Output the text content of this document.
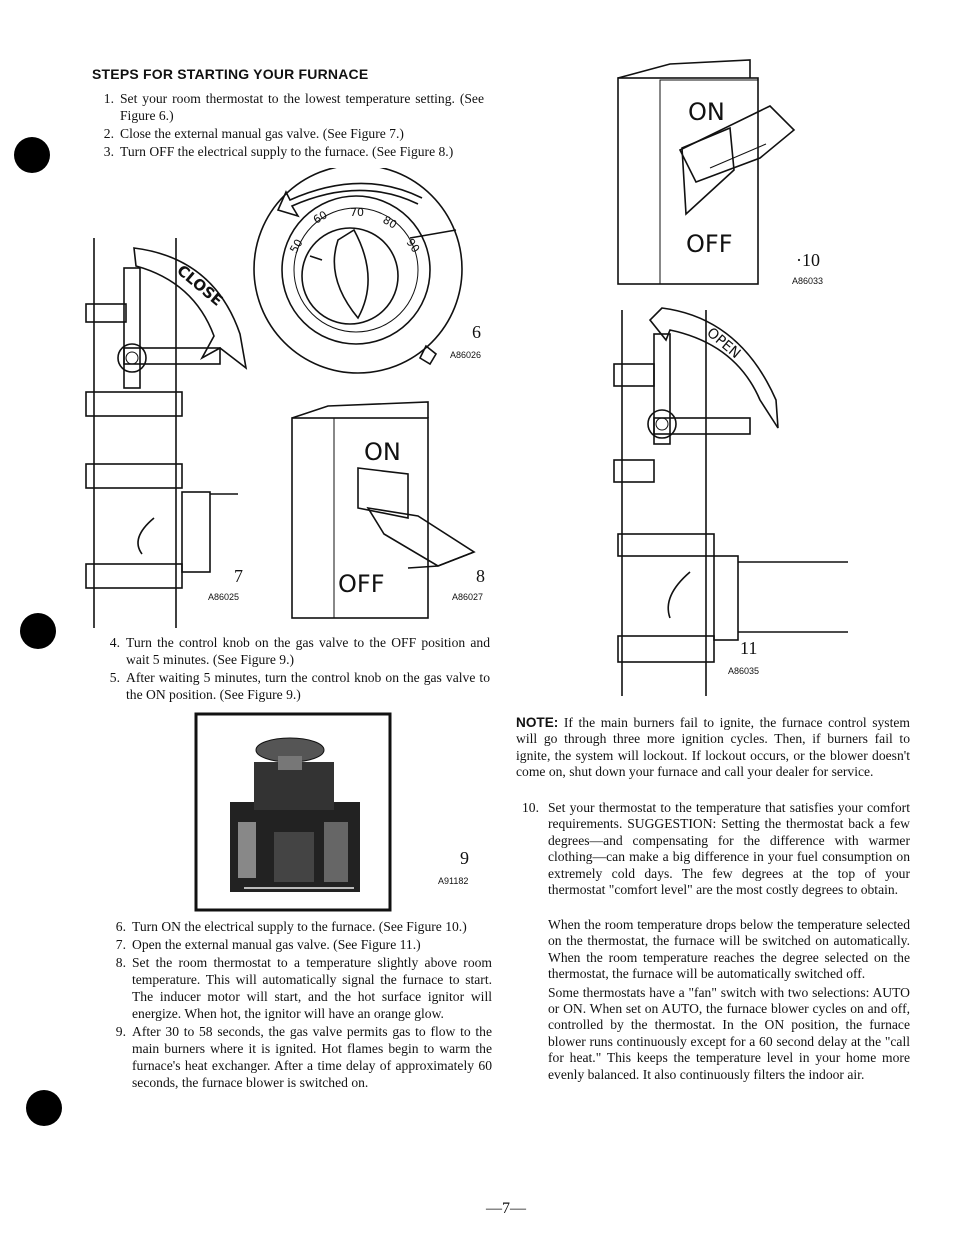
STEPS FOR STARTING YOUR FURNACE
1. Set your room thermostat to the lowest temperature setting. (See Figure 6.)
2. Close the external manual gas valve. (See Figure 7.)
3. Turn OFF the electrical supply to the furnace. (See Figure 8.)
50
60 70
80
90
6
A86026
CLOSE
7
A86025
ON
OFF	8
A86027
4. Turn the control knob on the gas valve to the OFF position and wait 5 minutes. (See Figure 9.)
5. After waiting 5 minutes, turn the control knob on the gas valve to the ON position. (See Figure 9.)
9
A91182
6. Turn ON the electrical supply to the furnace. (See Figure 10.)
7. Open the external manual gas valve. (See Figure 11.)
8. Set the room thermostat to a temperature slightly above room temperature. This will automatically signal the furnace to start. The inducer motor will start, and the hot surface ignitor will energize. When hot, the ignitor will have an orange glow.
9. After 30 to 58 seconds, the gas valve permits gas to flow to the main burners where it is ignited. Hot flames begin to warm the furnace's heat exchanger. After a time delay of approximately 60 seconds, the furnace blower is switched on.
ON
OFF
·10
A86033
OPEN
11
A86035
NOTE: If the main burners fail to ignite, the furnace control system will go through three more ignition cycles. Then, if burners fail to ignite, the system will lockout. If lockout occurs, or the blower doesn't come on, shut down your furnace and call your dealer for service.
10. Set your thermostat to the temperature that satisfies your comfort requirements. SUGGESTION: Setting the thermostat back a few degrees—and compensating for the difference with warmer clothing—can make a big difference in your fuel consumption on extremely cold days. The few degrees at the top of your thermostat "comfort level" are the most costly degrees to obtain.

When the room temperature drops below the temperature selected on the thermostat, the furnace will be switched on automatically. When the room temperature reaches the degree selected on the thermostat, the furnace will be automatically switched off.

Some thermostats have a "fan" switch with two selections: AUTO or ON. When set on AUTO, the furnace blower cycles on and off, controlled by the thermostat. In the ON position, the furnace blower runs continuously except for a 60 second delay at the "call for heat." This keeps the temperature level in your home more evenly balanced. It also continuously filters the indoor air.

—7—
